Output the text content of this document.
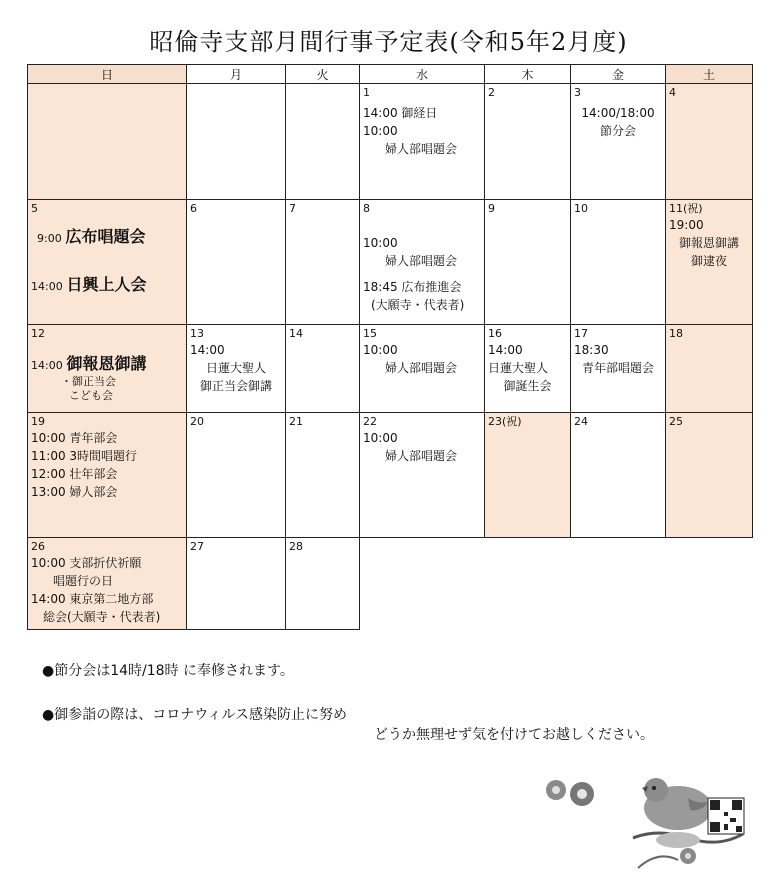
昭倫寺支部月間行事予定表(令和5年2月度)
日	月	火	水	木	金	土

			1
14:00 御経日
10:00
婦人部唱題会	2	3
14:00/18:00
節分会	4

5
9:00 広布唱題会
14:00 日興上人会	6	7	8
10:00
婦人部唱題会
18:45 広布推進会
(大願寺・代表者)	9	10	11(祝)
19:00
御報恩御講
御逮夜

12
14:00 御報恩御講
・御正当会
こども会	13
14:00
日蓮大聖人
御正当会御講	14	15
10:00
婦人部唱題会	16
14:00
日蓮大聖人
御誕生会	17
18:30
青年部唱題会	18

19
10:00 青年部会
11:00 3時間唱題行
12:00 壮年部会
13:00 婦人部会	20	21	22
10:00
婦人部唱題会	23(祝)	24	25

26
10:00 支部折伏祈願
唱題行の日
14:00 東京第二地方部
総会(大願寺・代表者)	27	28				

●節分会は14時/18時 に奉修されます。
●御参詣の際は、コロナウィルス感染防止に努め
どうか無理せず気を付けてお越しください。
